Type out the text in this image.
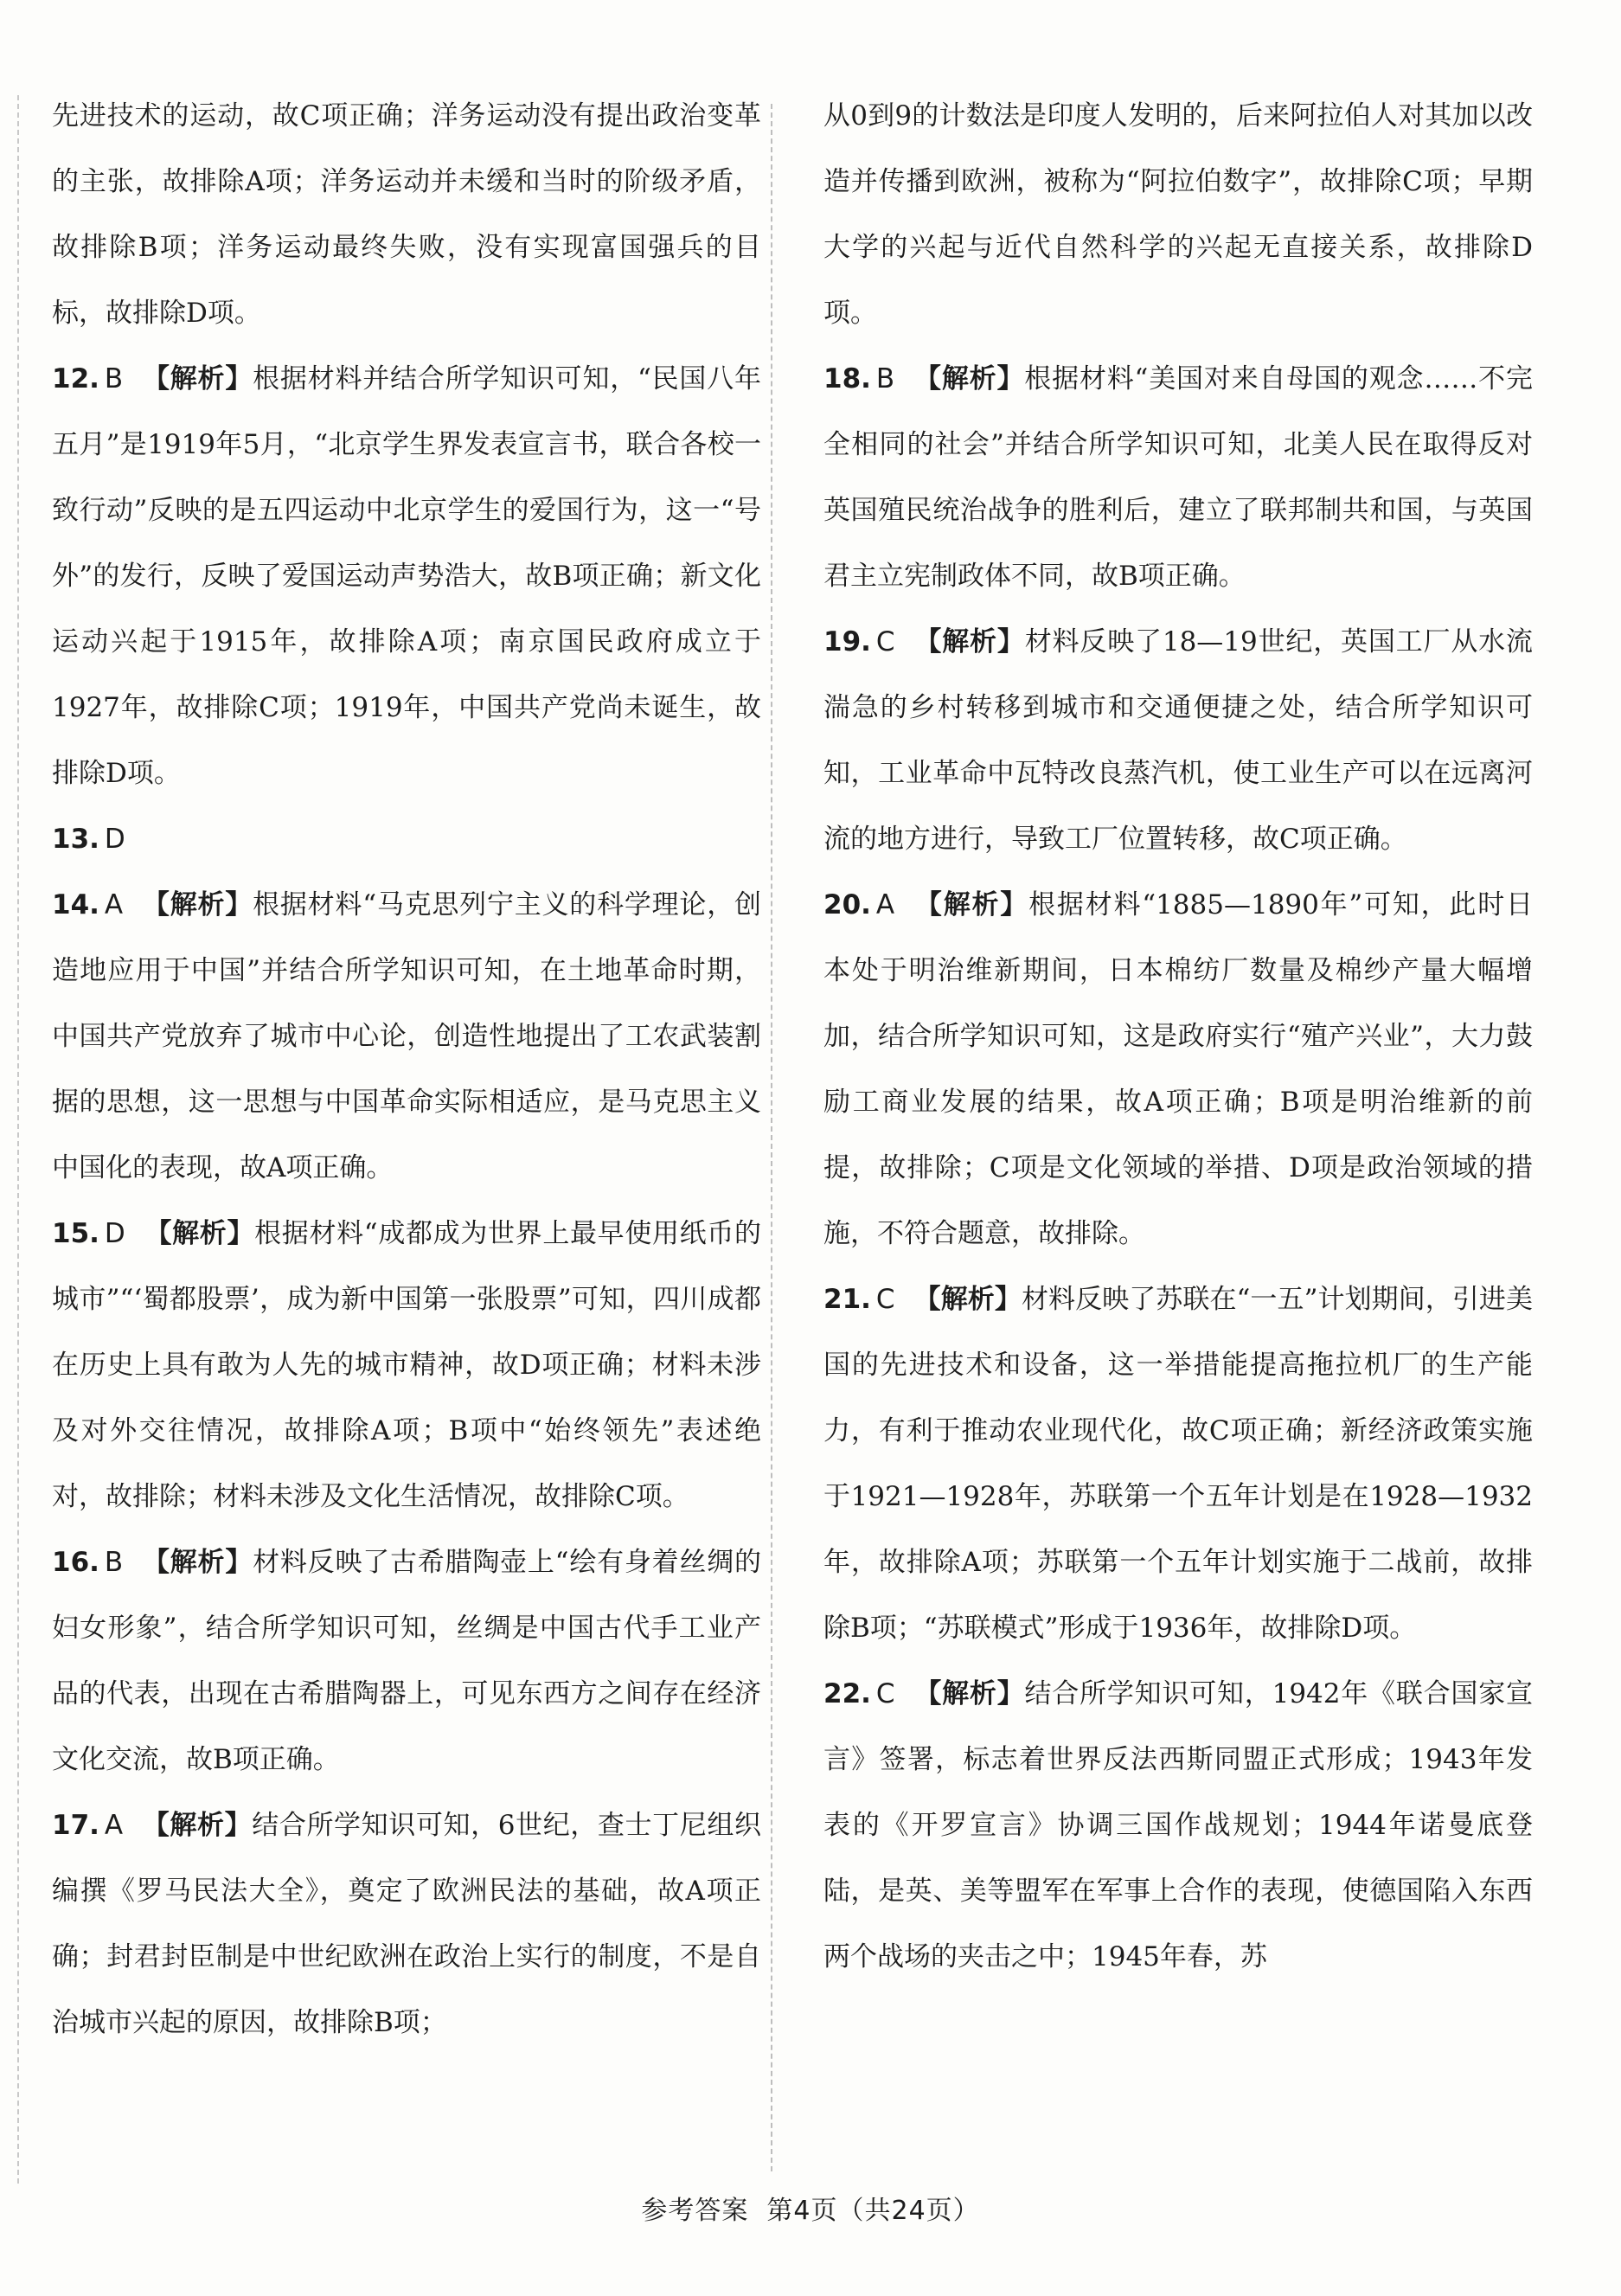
先进技术的运动，故C项正确；洋务运动没有提出政治变革的主张，故排除A项；洋务运动并未缓和当时的阶级矛盾，故排除B项；洋务运动最终失败，没有实现富国强兵的目标，故排除D项。

12. B 【解析】根据材料并结合所学知识可知，“民国八年五月”是1919年5月，“北京学生界发表宣言书，联合各校一致行动”反映的是五四运动中北京学生的爱国行为，这一“号外”的发行，反映了爱国运动声势浩大，故B项正确；新文化运动兴起于1915年，故排除A项；南京国民政府成立于1927年，故排除C项；1919年，中国共产党尚未诞生，故排除D项。

13. D

14. A 【解析】根据材料“马克思列宁主义的科学理论，创造地应用于中国”并结合所学知识可知，在土地革命时期，中国共产党放弃了城市中心论，创造性地提出了工农武装割据的思想，这一思想与中国革命实际相适应，是马克思主义中国化的表现，故A项正确。

15. D 【解析】根据材料“成都成为世界上最早使用纸币的城市”“‘蜀都股票’，成为新中国第一张股票”可知，四川成都在历史上具有敢为人先的城市精神，故D项正确；材料未涉及对外交往情况，故排除A项；B项中“始终领先”表述绝对，故排除；材料未涉及文化生活情况，故排除C项。

16. B 【解析】材料反映了古希腊陶壶上“绘有身着丝绸的妇女形象”，结合所学知识可知，丝绸是中国古代手工业产品的代表，出现在古希腊陶器上，可见东西方之间存在经济文化交流，故B项正确。

17. A 【解析】结合所学知识可知，6世纪，查士丁尼组织编撰《罗马民法大全》，奠定了欧洲民法的基础，故A项正确；封君封臣制是中世纪欧洲在政治上实行的制度，不是自治城市兴起的原因，故排除B项；

从0到9的计数法是印度人发明的，后来阿拉伯人对其加以改造并传播到欧洲，被称为“阿拉伯数字”，故排除C项；早期大学的兴起与近代自然科学的兴起无直接关系，故排除D项。

18. B 【解析】根据材料“美国对来自母国的观念……不完全相同的社会”并结合所学知识可知，北美人民在取得反对英国殖民统治战争的胜利后，建立了联邦制共和国，与英国君主立宪制政体不同，故B项正确。

19. C 【解析】材料反映了18—19世纪，英国工厂从水流湍急的乡村转移到城市和交通便捷之处，结合所学知识可知，工业革命中瓦特改良蒸汽机，使工业生产可以在远离河流的地方进行，导致工厂位置转移，故C项正确。

20. A 【解析】根据材料“1885—1890年”可知，此时日本处于明治维新期间，日本棉纺厂数量及棉纱产量大幅增加，结合所学知识可知，这是政府实行“殖产兴业”，大力鼓励工商业发展的结果，故A项正确；B项是明治维新的前提，故排除；C项是文化领域的举措、D项是政治领域的措施，不符合题意，故排除。

21. C 【解析】材料反映了苏联在“一五”计划期间，引进美国的先进技术和设备，这一举措能提高拖拉机厂的生产能力，有利于推动农业现代化，故C项正确；新经济政策实施于1921—1928年，苏联第一个五年计划是在1928—1932年，故排除A项；苏联第一个五年计划实施于二战前，故排除B项；“苏联模式”形成于1936年，故排除D项。

22. C 【解析】结合所学知识可知，1942年《联合国家宣言》签署，标志着世界反法西斯同盟正式形成；1943年发表的《开罗宣言》协调三国作战规划；1944年诺曼底登陆，是英、美等盟军在军事上合作的表现，使德国陷入东西两个战场的夹击之中；1945年春，苏

参考答案 第4页（共24页）
